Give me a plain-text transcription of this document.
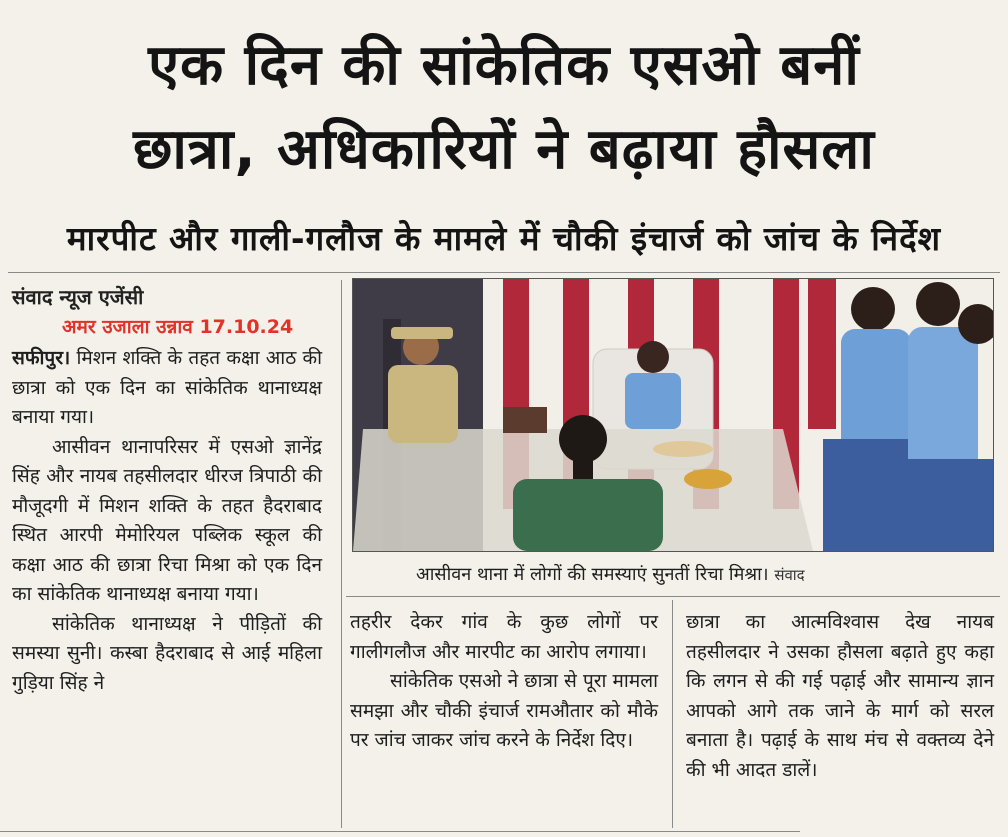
एक दिन की सांकेतिक एसओ बनीं
छात्रा, अधिकारियों ने बढ़ाया हौसला
मारपीट और गाली-गलौज के मामले में चौकी इंचार्ज को जांच के निर्देश
संवाद न्यूज एजेंसी
अमर उजाला उन्नाव 17.10.24

सफीपुर। मिशन शक्ति के तहत कक्षा आठ की छात्रा को एक दिन का सांकेतिक थानाध्यक्ष बनाया गया।

आसीवन थानापरिसर में एसओ ज्ञानेंद्र सिंह और नायब तहसीलदार धीरज त्रिपाठी की मौजूदगी में मिशन शक्ति के तहत हैदराबाद स्थित आरपी मेमोरियल पब्लिक स्कूल की कक्षा आठ की छात्रा रिचा मिश्रा को एक दिन का सांकेतिक थानाध्यक्ष बनाया गया।

सांकेतिक थानाध्यक्ष ने पीड़ितों की समस्या सुनी। कस्बा हैदराबाद से आई महिला गुड़िया सिंह ने

तहरीर देकर गांव के कुछ लोगों पर गालीगलौज और मारपीट का आरोप लगाया।

सांकेतिक एसओ ने छात्रा से पूरा मामला समझा और चौकी इंचार्ज रामऔतार को मौके पर जांच जाकर जांच करने के निर्देश दिए।

छात्रा का आत्मविश्वास देख नायब तहसीलदार ने उसका हौसला बढ़ाते हुए कहा कि लगन से की गई पढ़ाई और सामान्य ज्ञान आपको आगे तक जाने के मार्ग को सरल बनाता है। पढ़ाई के साथ मंच से वक्तव्य देने की भी आदत डालें।

आसीवन थाना में लोगों की समस्याएं सुनतीं रिचा मिश्रा। संवाद
